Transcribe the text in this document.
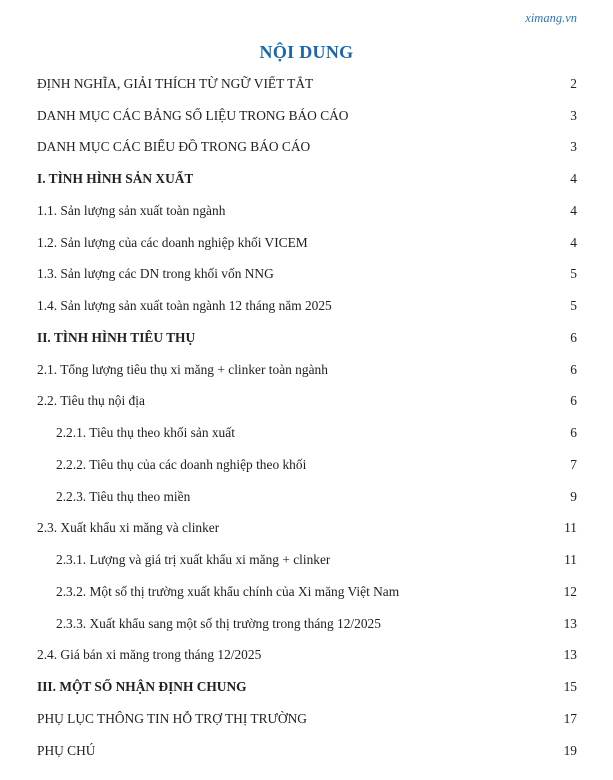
ximang.vn
NỘI DUNG
ĐỊNH NGHĨA, GIẢI THÍCH TỪ NGỮ VIẾT TẮT	2
DANH MỤC CÁC BẢNG SỐ LIỆU TRONG BÁO CÁO	3
DANH MỤC CÁC BIỂU ĐỒ TRONG BÁO CÁO	3
I. TÌNH HÌNH SẢN XUẤT	4
1.1. Sản lượng sản xuất toàn ngành	4
1.2. Sản lượng của các doanh nghiệp khối VICEM	4
1.3. Sản lượng các DN trong khối vốn NNG	5
1.4. Sản lượng sản xuất toàn ngành 12 tháng năm 2025	5
II. TÌNH HÌNH TIÊU THỤ	6
2.1. Tổng lượng tiêu thụ xi măng + clinker toàn ngành	6
2.2. Tiêu thụ nội địa	6
2.2.1. Tiêu thụ theo khối sản xuất	6
2.2.2. Tiêu thụ của các doanh nghiệp theo khối	7
2.2.3. Tiêu thụ theo miền	9
2.3. Xuất khẩu xi măng và clinker	11
2.3.1. Lượng và giá trị xuất khẩu xi măng + clinker	11
2.3.2. Một số thị trường xuất khẩu chính của Xi măng Việt Nam	12
2.3.3. Xuất khẩu sang một số thị trường trong tháng 12/2025	13
2.4. Giá bán xi măng trong tháng 12/2025	13
III. MỘT SỐ NHẬN ĐỊNH CHUNG	15
PHỤ LỤC THÔNG TIN HỖ TRỢ THỊ TRƯỜNG	17
PHỤ CHÚ	19
